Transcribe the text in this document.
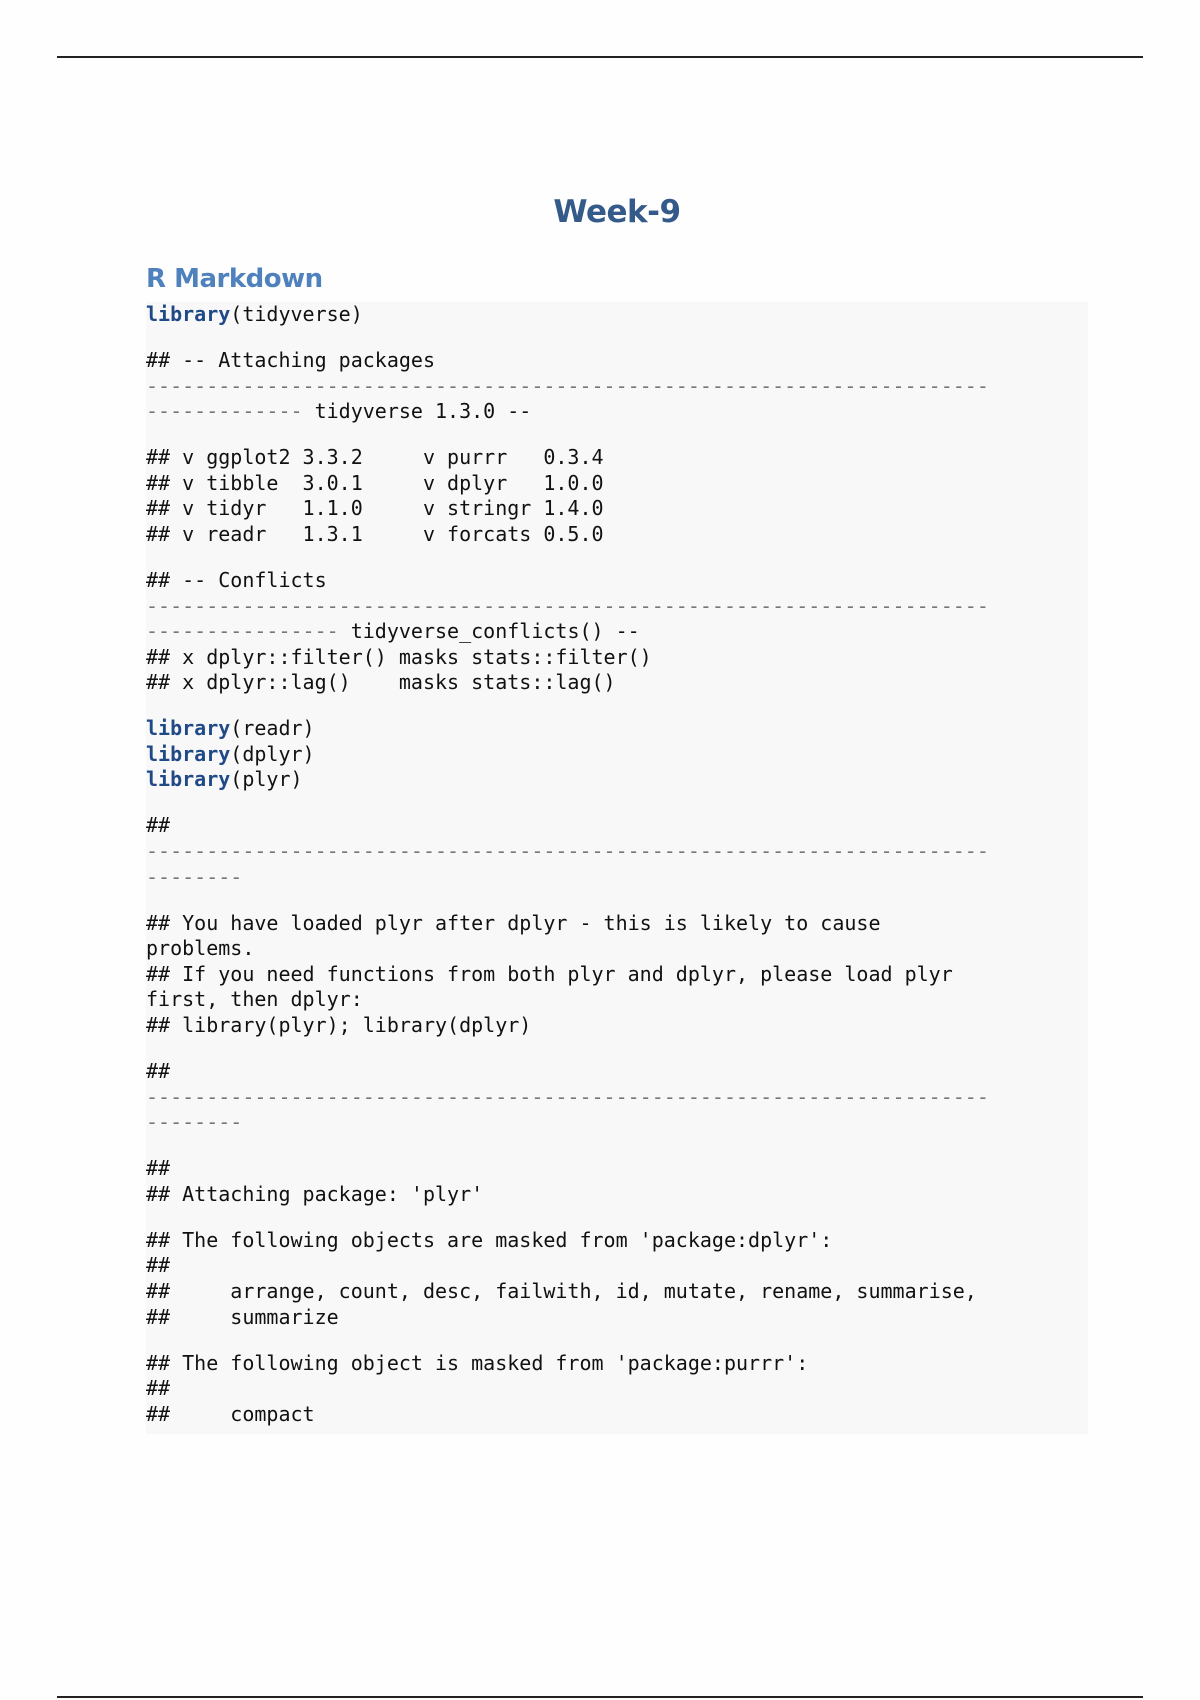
Week-9
R Markdown
library(tidyverse)
## -- Attaching packages
----------------------------------------------------------------------
------------- tidyverse 1.3.0 --
## v ggplot2 3.3.2     v purrr   0.3.4
## v tibble  3.0.1     v dplyr   1.0.0
## v tidyr   1.1.0     v stringr 1.4.0
## v readr   1.3.1     v forcats 0.5.0
## -- Conflicts
----------------------------------------------------------------------
---------------- tidyverse_conflicts() --
## x dplyr::filter() masks stats::filter()
## x dplyr::lag()    masks stats::lag()
library(readr)
library(dplyr)
library(plyr)
##
----------------------------------------------------------------------
--------
## You have loaded plyr after dplyr - this is likely to cause
problems.
## If you need functions from both plyr and dplyr, please load plyr
first, then dplyr:
## library(plyr); library(dplyr)
##
----------------------------------------------------------------------
--------
##
## Attaching package: 'plyr'
## The following objects are masked from 'package:dplyr':
##
##     arrange, count, desc, failwith, id, mutate, rename, summarise,
##     summarize
## The following object is masked from 'package:purrr':
##
##     compact
